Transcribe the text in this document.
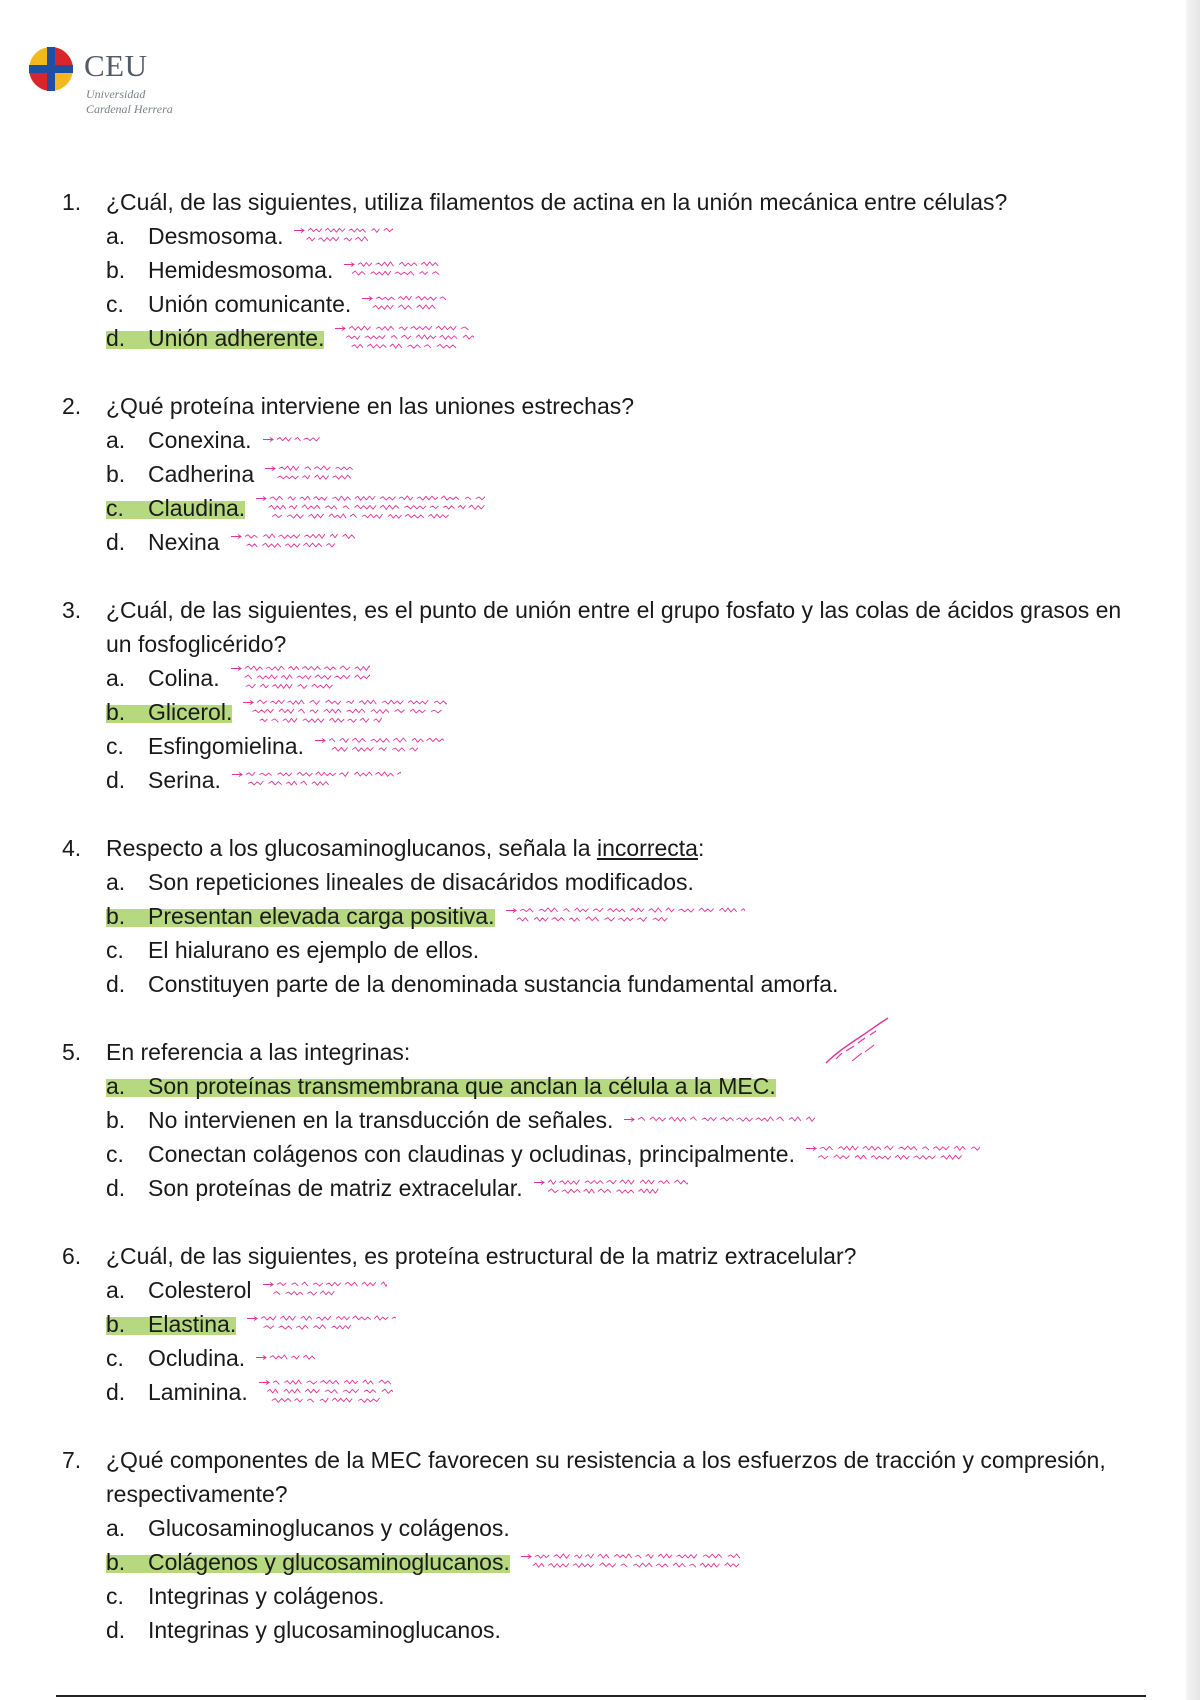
CEU
Universidad
Cardenal Herrera
1.	¿Cuál, de las siguientes, utiliza filamentos de actina en la unión mecánica entre células?
a. Desmosoma.
b. Hemidesmosoma.
c.	Unión comunicante.
d. Unión adherente.
2.	¿Qué proteína interviene en las uniones estrechas?
a. Conexina.
b. Cadherina
c.	Claudina.
d. Nexina
3.	¿Cuál, de las siguientes, es el punto de unión entre el grupo fosfato y las colas de ácidos grasos en un fosfoglicérido?
a. Colina.
b. Glicerol.
c.	Esfingomielina.
d. Serina.
4.	Respecto a los glucosaminoglucanos, señala la incorrecta:
a. Son repeticiones lineales de disacáridos modificados.
b. Presentan elevada carga positiva.
c.	El hialurano es ejemplo de ellos.
d. Constituyen parte de la denominada sustancia fundamental amorfa.
5.	En referencia a las integrinas:
a. Son proteínas transmembrana que anclan la célula a la MEC.
b. No intervienen en la transducción de señales.
c.	Conectan colágenos con claudinas y ocludinas, principalmente.
d. Son proteínas de matriz extracelular.
6.	¿Cuál, de las siguientes, es proteína estructural de la matriz extracelular?
a. Colesterol
b. Elastina.
c.	Ocludina.
d. Laminina.
7.	¿Qué componentes de la MEC favorecen su resistencia a los esfuerzos de tracción y compresión, respectivamente?
a. Glucosaminoglucanos y colágenos.
b. Colágenos y glucosaminoglucanos.
c.	Integrinas y colágenos.
d. Integrinas y glucosaminoglucanos.
